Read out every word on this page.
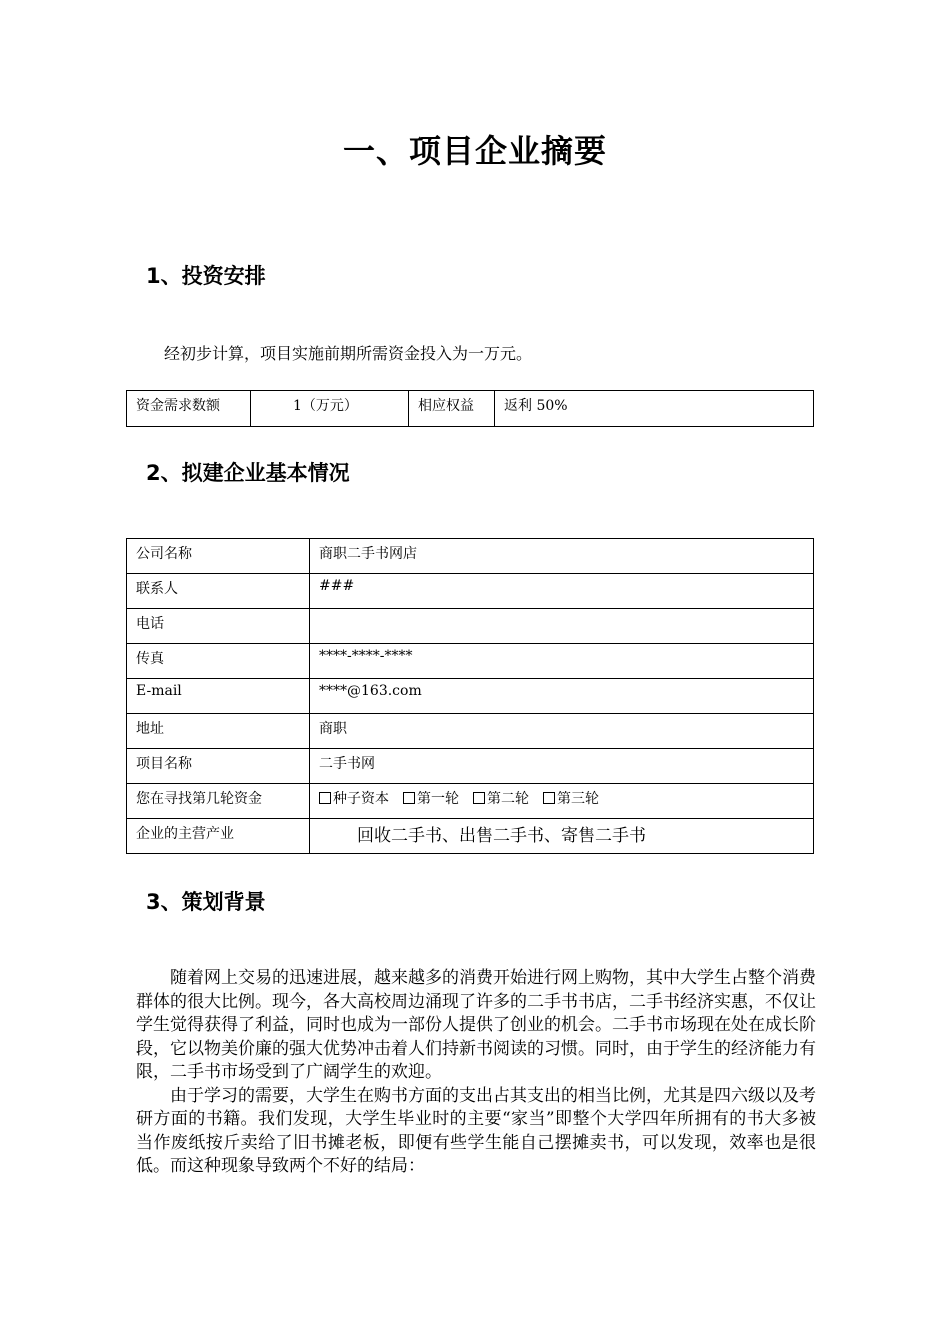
一、项目企业摘要
1、投资安排
经初步计算，项目实施前期所需资金投入为一万元。
资金需求数额	1（万元）	相应权益	返利 50%
2、拟建企业基本情况
公司名称	商职二手书网店
联系人	###
电话	
传真	****-****-****
E-mail	****@163.com
地址	商职
项目名称	二手书网
您在寻找第几轮资金	种子资本 第一轮 第二轮 第三轮
企业的主营产业	回收二手书、出售二手书、寄售二手书
3、策划背景

随着网上交易的迅速进展，越来越多的消费开始进行网上购物，其中大学生占整个消费群体的很大比例。现今，各大高校周边涌现了许多的二手书书店，二手书经济实惠，不仅让学生觉得获得了利益，同时也成为一部份人提供了创业的机会。二手书市场现在处在成长阶段，它以物美价廉的强大优势冲击着人们持新书阅读的习惯。同时，由于学生的经济能力有限，二手书市场受到了广阔学生的欢迎。

由于学习的需要，大学生在购书方面的支出占其支出的相当比例，尤其是四六级以及考研方面的书籍。我们发现，大学生毕业时的主要“家当”即整个大学四年所拥有的书大多被当作废纸按斤卖给了旧书摊老板，即便有些学生能自己摆摊卖书，可以发现，效率也是很低。而这种现象导致两个不好的结局：
